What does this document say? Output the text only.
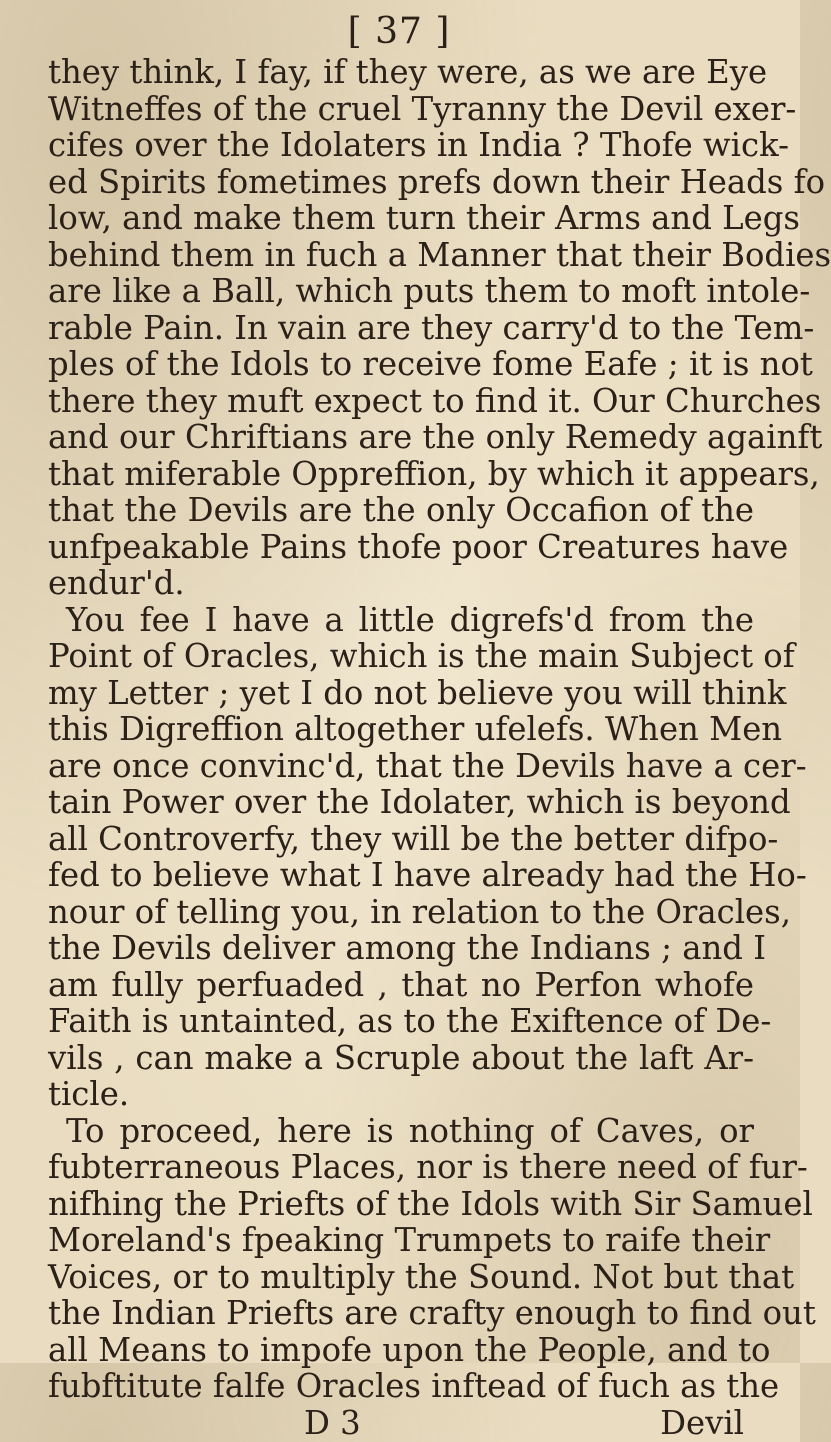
[ 37 ]
they think, I fay, if they were, as we are Eye
Witneffes of the cruel Tyranny the Devil exer-
cifes over the Idolaters in India ? Thofe wick-
ed Spirits fometimes prefs down their Heads fo
low, and make them turn their Arms and Legs
behind them in fuch a Manner that their Bodies
are like a Ball, which puts them to moft intole-
rable Pain. In vain are they carry'd to the Tem-
ples of the Idols to receive fome Eafe ; it is not
there they muft expect to find it. Our Churches
and our Chriftians are the only Remedy againft
that miferable Oppreffion, by which it appears,
that the Devils are the only Occafion of the
unfpeakable Pains thofe poor Creatures have
endur'd.
You fee I have a little digrefs'd from the
Point of Oracles, which is the main Subject of
my Letter ; yet I do not believe you will think
this Digreffion altogether ufelefs. When Men
are once convinc'd, that the Devils have a cer-
tain Power over the Idolater, which is beyond
all Controverfy, they will be the better difpo-
fed to believe what I have already had the Ho-
nour of telling you, in relation to the Oracles,
the Devils deliver among the Indians ; and I
am fully perfuaded , that no Perfon whofe
Faith is untainted, as to the Exiftence of De-
vils , can make a Scruple about the laft Ar-
ticle.
To proceed, here is nothing of Caves, or
fubterraneous Places, nor is there need of fur-
nifhing the Priefts of the Idols with Sir Samuel
Moreland's fpeaking Trumpets to raife their
Voices, or to multiply the Sound. Not but that
the Indian Priefts are crafty enough to find out
all Means to impofe upon the People, and to
fubftitute falfe Oracles inftead of fuch as the
D 3	Devil
